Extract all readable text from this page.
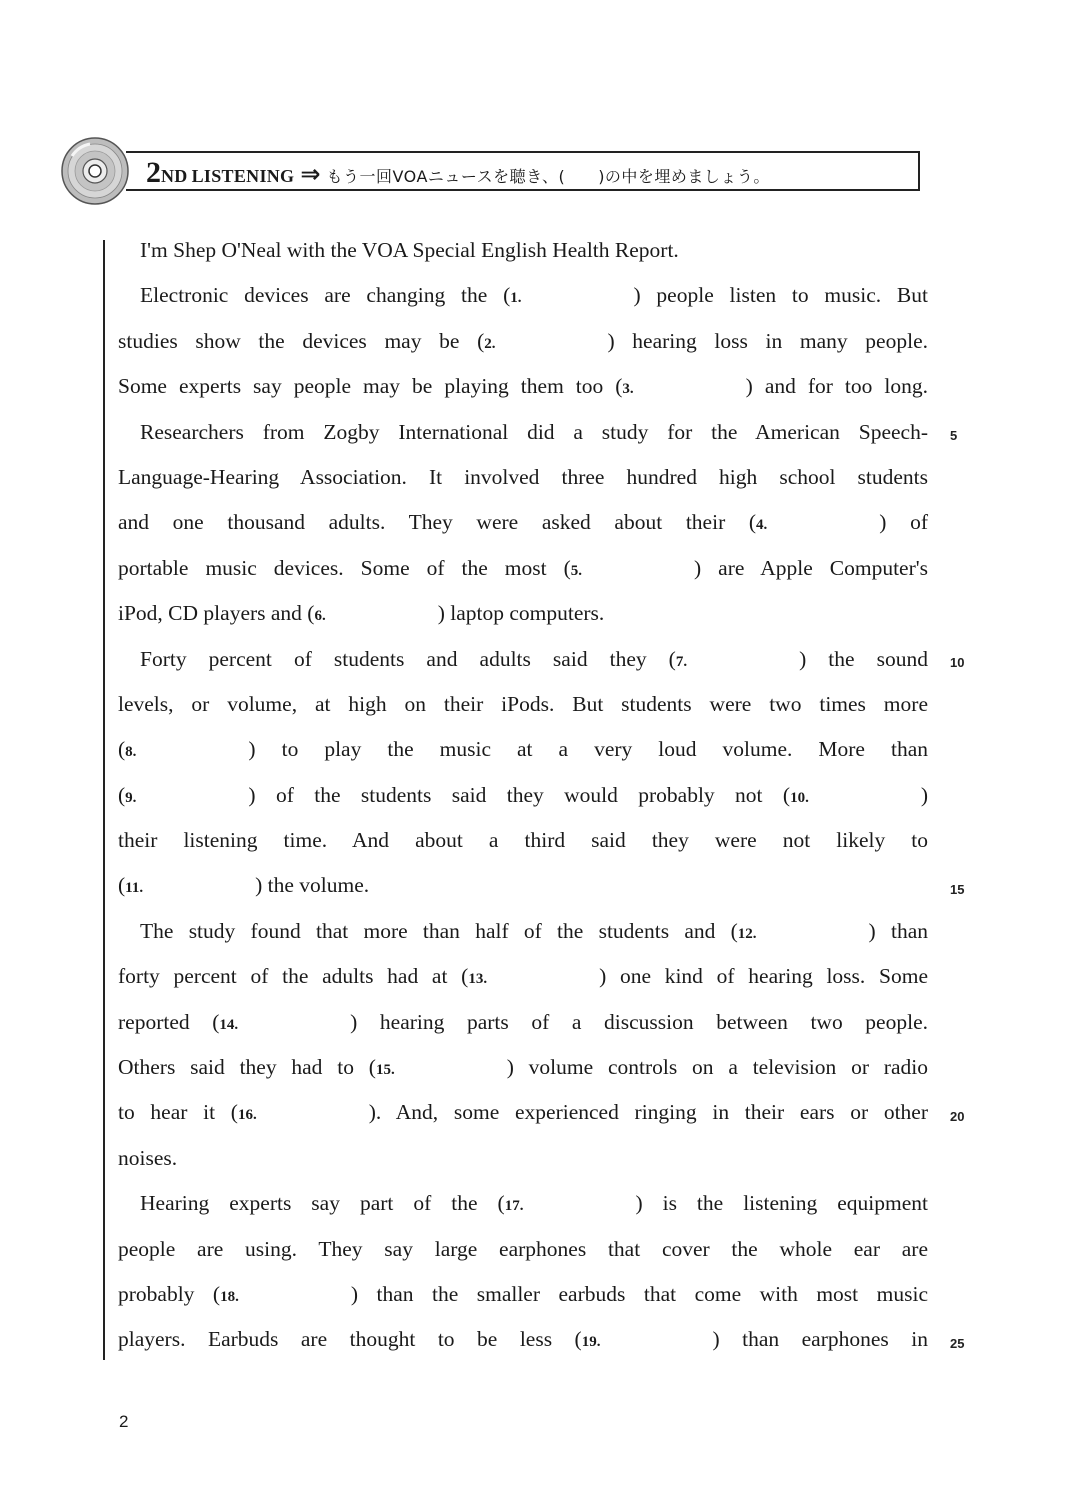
2ND LISTENING ⇒ もう一回VOAニュースを聴き、(　　)の中を埋めましょう。
I'm Shep O'Neal with the VOA Special English Health Report.
Electronic devices are changing the (1.	) people listen to music. But
studies show the devices may be (2.	) hearing loss in many people.
Some experts say people may be playing them too (3.	) and for too long.
Researchers from Zogby International did a study for the American Speech-
Language-Hearing Association. It involved three hundred high school students
and one thousand adults. They were asked about their (4.	) of
portable music devices. Some of the most (5.	) are Apple Computer's
iPod, CD players and (6.	) laptop computers.
Forty percent of students and adults said they (7.	) the sound
levels, or volume, at high on their iPods. But students were two times more
(8.	) to play the music at a very loud volume. More than
(9.	) of the students said they would probably not (10.	)
their listening time. And about a third said they were not likely to
(11.	) the volume.
The study found that more than half of the students and (12.	) than
forty percent of the adults had at (13.	) one kind of hearing loss. Some
reported (14.	) hearing parts of a discussion between two people.
Others said they had to (15.	) volume controls on a television or radio
to hear it (16.	). And, some experienced ringing in their ears or other
noises.
Hearing experts say part of the (17.	) is the listening equipment
people are using. They say large earphones that cover the whole ear are
probably (18.	) than the smaller earbuds that come with most music
players. Earbuds are thought to be less (19.	) than earphones in
5
10
15
20
25
2
